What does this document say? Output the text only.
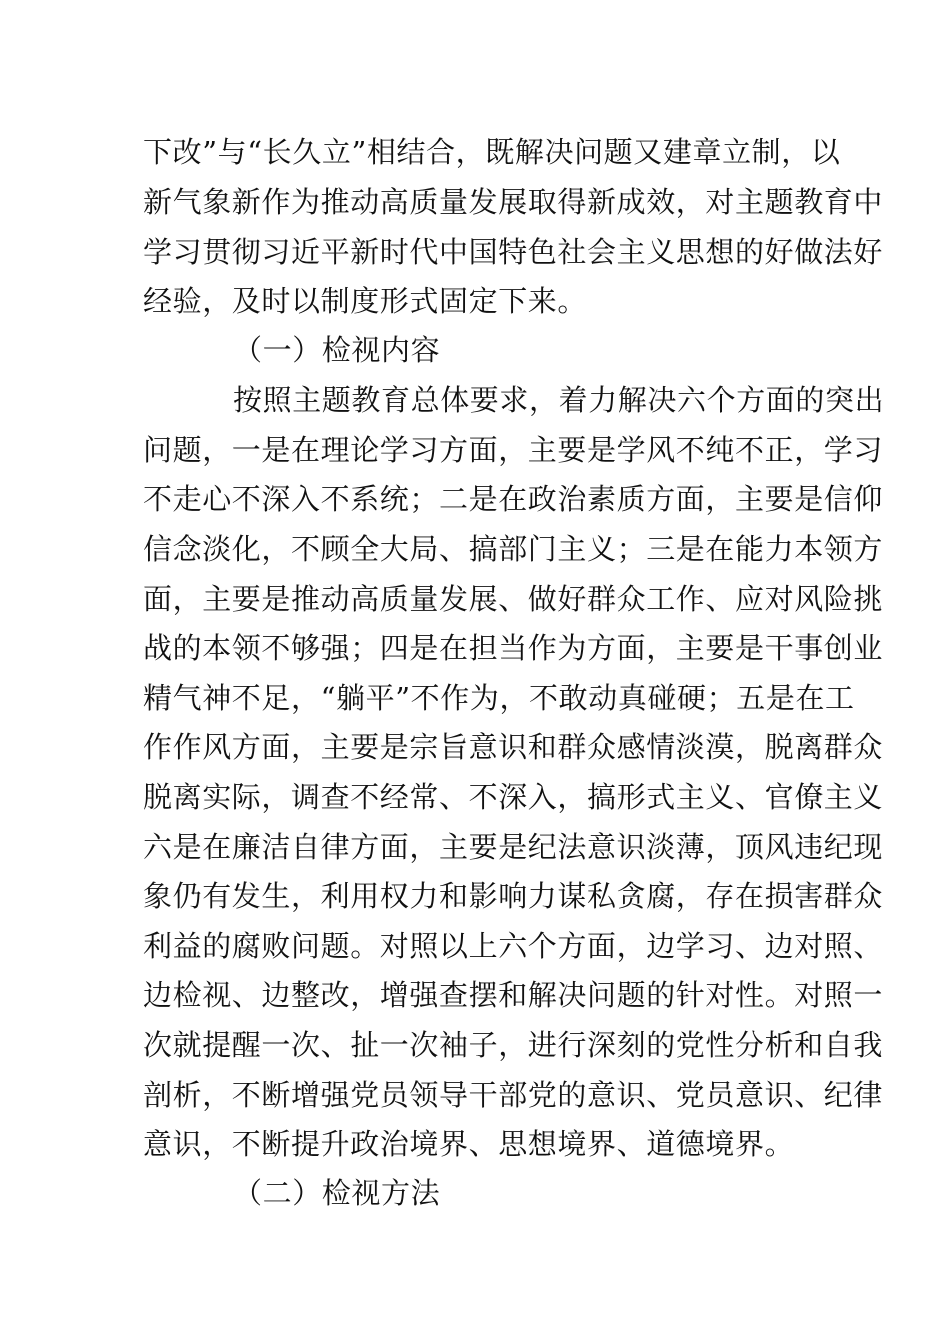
下改”与“长久立”相结合，既解决问题又建章立制，以
新气象新作为推动高质量发展取得新成效，对主题教育中
学习贯彻习近平新时代中国特色社会主义思想的好做法好
经验，及时以制度形式固定下来。
（一）检视内容
按照主题教育总体要求，着力解决六个方面的突出
问题，一是在理论学习方面，主要是学风不纯不正，学习
不走心不深入不系统；二是在政治素质方面，主要是信仰
信念淡化，不顾全大局、搞部门主义；三是在能力本领方
面，主要是推动高质量发展、做好群众工作、应对风险挑
战的本领不够强；四是在担当作为方面，主要是干事创业
精气神不足，“躺平”不作为，不敢动真碰硬；五是在工
作作风方面，主要是宗旨意识和群众感情淡漠，脱离群众
脱离实际，调查不经常、不深入，搞形式主义、官僚主义
六是在廉洁自律方面，主要是纪法意识淡薄，顶风违纪现
象仍有发生，利用权力和影响力谋私贪腐，存在损害群众
利益的腐败问题。对照以上六个方面，边学习、边对照、
边检视、边整改，增强查摆和解决问题的针对性。对照一
次就提醒一次、扯一次袖子，进行深刻的党性分析和自我
剖析，不断增强党员领导干部党的意识、党员意识、纪律
意识，不断提升政治境界、思想境界、道德境界。
（二）检视方法
